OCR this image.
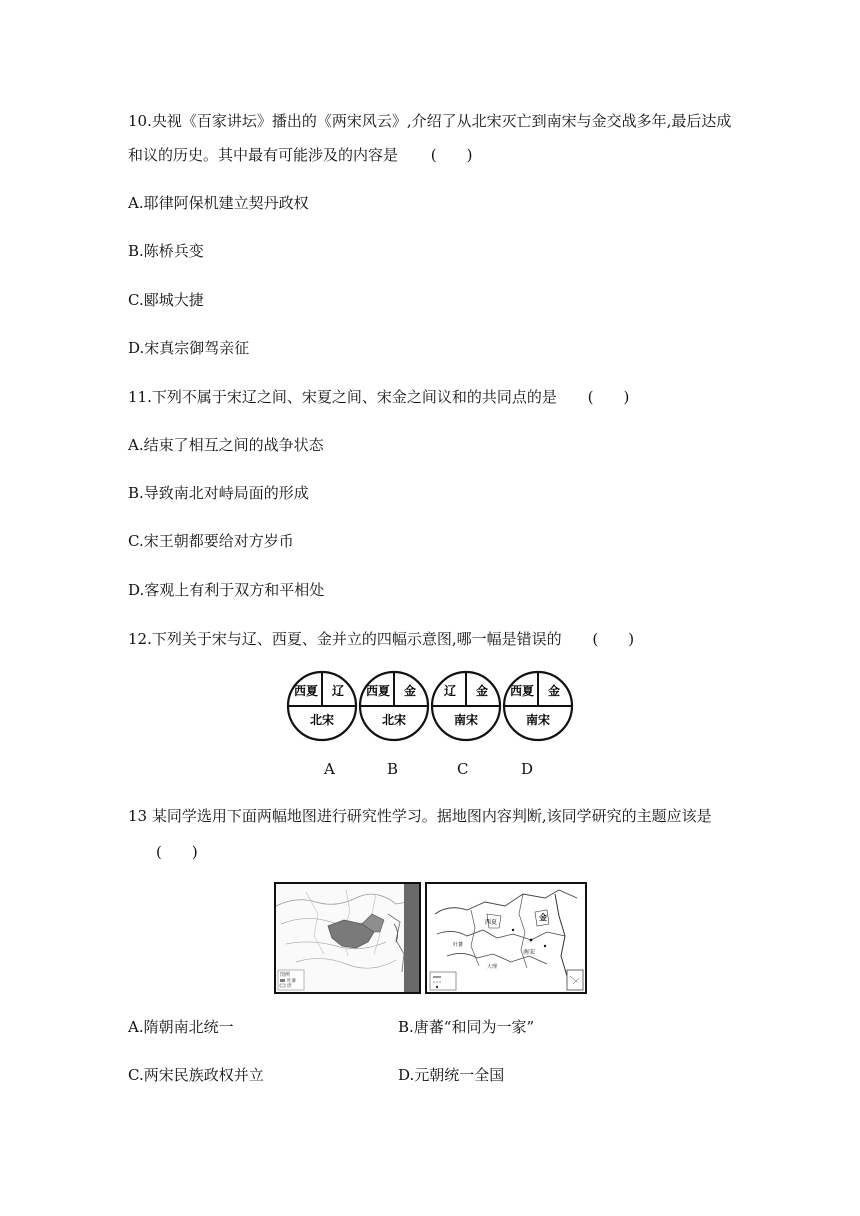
10.央视《百家讲坛》播出的《两宋风云》,介绍了从北宋灭亡到南宋与金交战多年,最后达成
和议的历史。其中最有可能涉及的内容是 (　　)
A.耶律阿保机建立契丹政权
B.陈桥兵变
C.郾城大捷
D.宋真宗御驾亲征
11.下列不属于宋辽之间、宋夏之间、宋金之间议和的共同点的是 (　　)
A.结束了相互之间的战争状态
B.导致南北对峙局面的形成
C.宋王朝都要给对方岁币
D.客观上有利于双方和平相处
12.下列关于宋与辽、西夏、金并立的四幅示意图,哪一幅是错误的 (　　)
西夏 辽
北宋
西夏 金
北宋
辽 金
南宋
西夏 金
南宋
A	B	C	D
13 某同学选用下面两幅地图进行研究性学习。据地图内容判断,该同学研究的主题应该是
(　　)
图例
吐蕃
唐
西夏
金
南宋
大理
吐蕃
A.隋朝南北统一	B.唐蕃“和同为一家”
C.两宋民族政权并立	D.元朝统一全国
